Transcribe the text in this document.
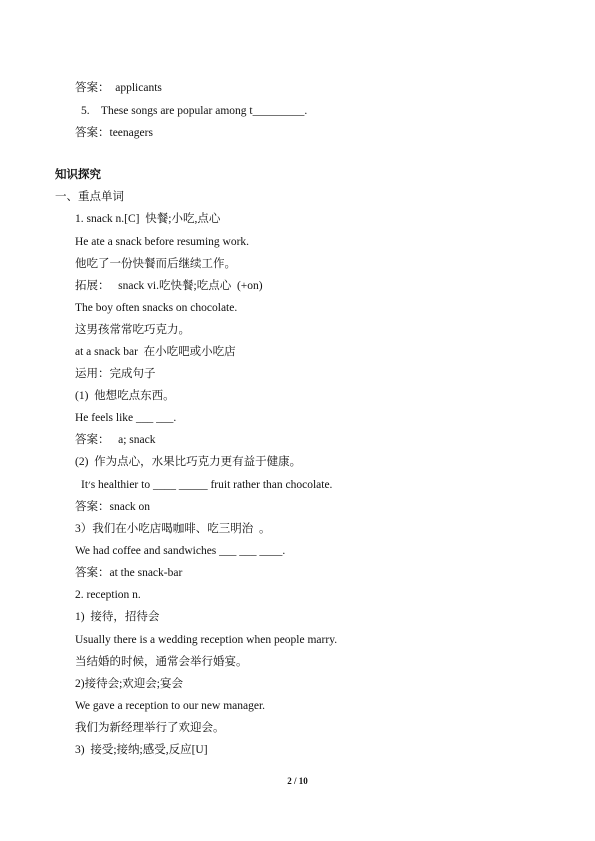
答案：  applicants
5.    These songs are popular among t_________.
答案：teenagers
知识探究
一、重点单词
1. snack n.[C]  快餐;小吃,点心
He ate a snack before resuming work.
他吃了一份快餐而后继续工作。
拓展：   snack vi.吃快餐;吃点心  (+on)
The boy often snacks on chocolate.
这男孩常常吃巧克力。
at a snack bar  在小吃吧或小吃店
运用：完成句子
(1)  他想吃点东西。
He feels like ___ ___.
答案：   a; snack
(2)  作为点心，水果比巧克力更有益于健康。
It׳s healthier to ____ _____ fruit rather than chocolate.
答案：snack on
3）我们在小吃店喝咖啡、吃三明治  。
We had coffee and sandwiches ___ ___ ____.
答案：at the snack-bar
2. reception n.
1)  接待，招待会
Usually there is a wedding reception when people marry.
当结婚的时候，通常会举行婚宴。
2)接待会;欢迎会;宴会
We gave a reception to our new manager.
我们为新经理举行了欢迎会。
3)  接受;接纳;感受,反应[U]
2 / 10
